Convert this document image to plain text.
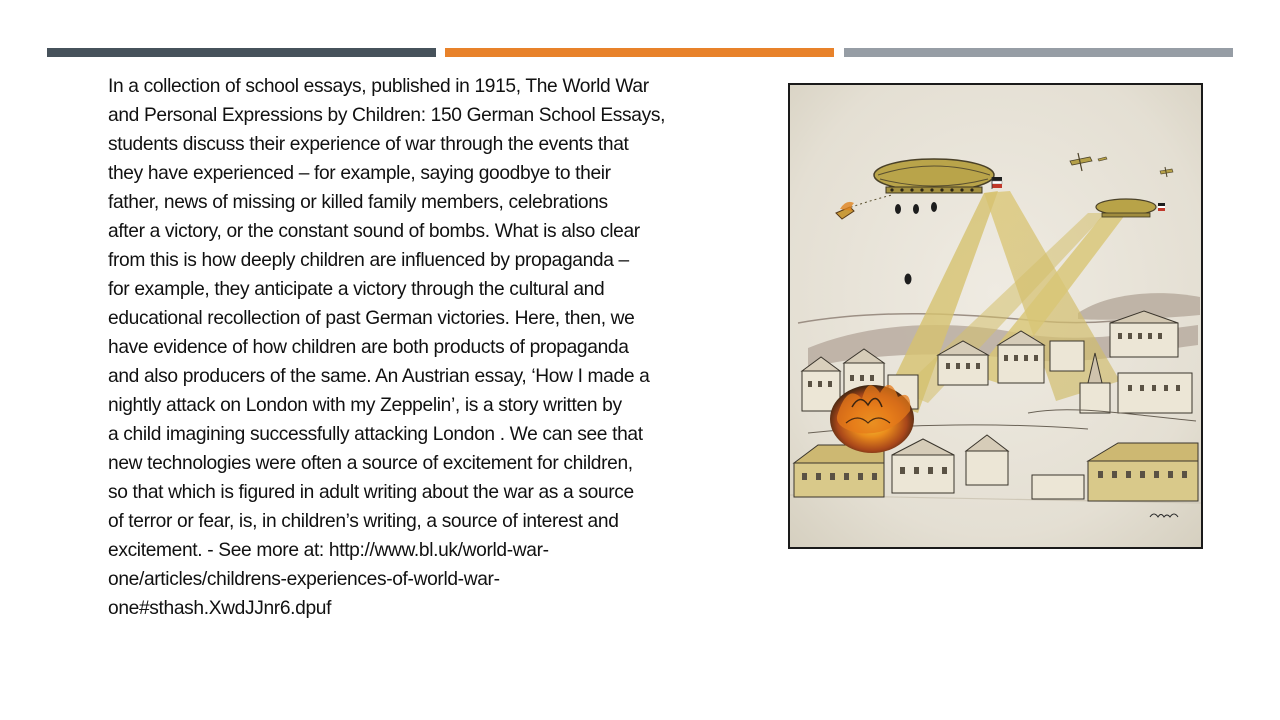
In a collection of school essays, published in 1915, The World War
and Personal Expressions by Children: 150 German School Essays,
students discuss their experience of war through the events that
they have experienced – for example, saying goodbye to their
father, news of missing or killed family members, celebrations
after a victory, or the constant sound of bombs. What is also clear
from this is how deeply children are influenced by propaganda –
for example, they anticipate a victory through the cultural and
educational recollection of past German victories. Here, then, we
have evidence of how children are both products of propaganda
and also producers of the same. An Austrian essay, ‘How I made a
nightly attack on London with my Zeppelin’, is a story written by
a child imagining successfully attacking London . We can see that
new technologies were often a source of excitement for children,
so that which is figured in adult writing about the war as a source
of terror or fear, is, in children’s writing, a source of interest and
excitement. - See more at: http://www.bl.uk/world-war-
one/articles/childrens-experiences-of-world-war-
one#sthash.XwdJJnr6.dpuf
